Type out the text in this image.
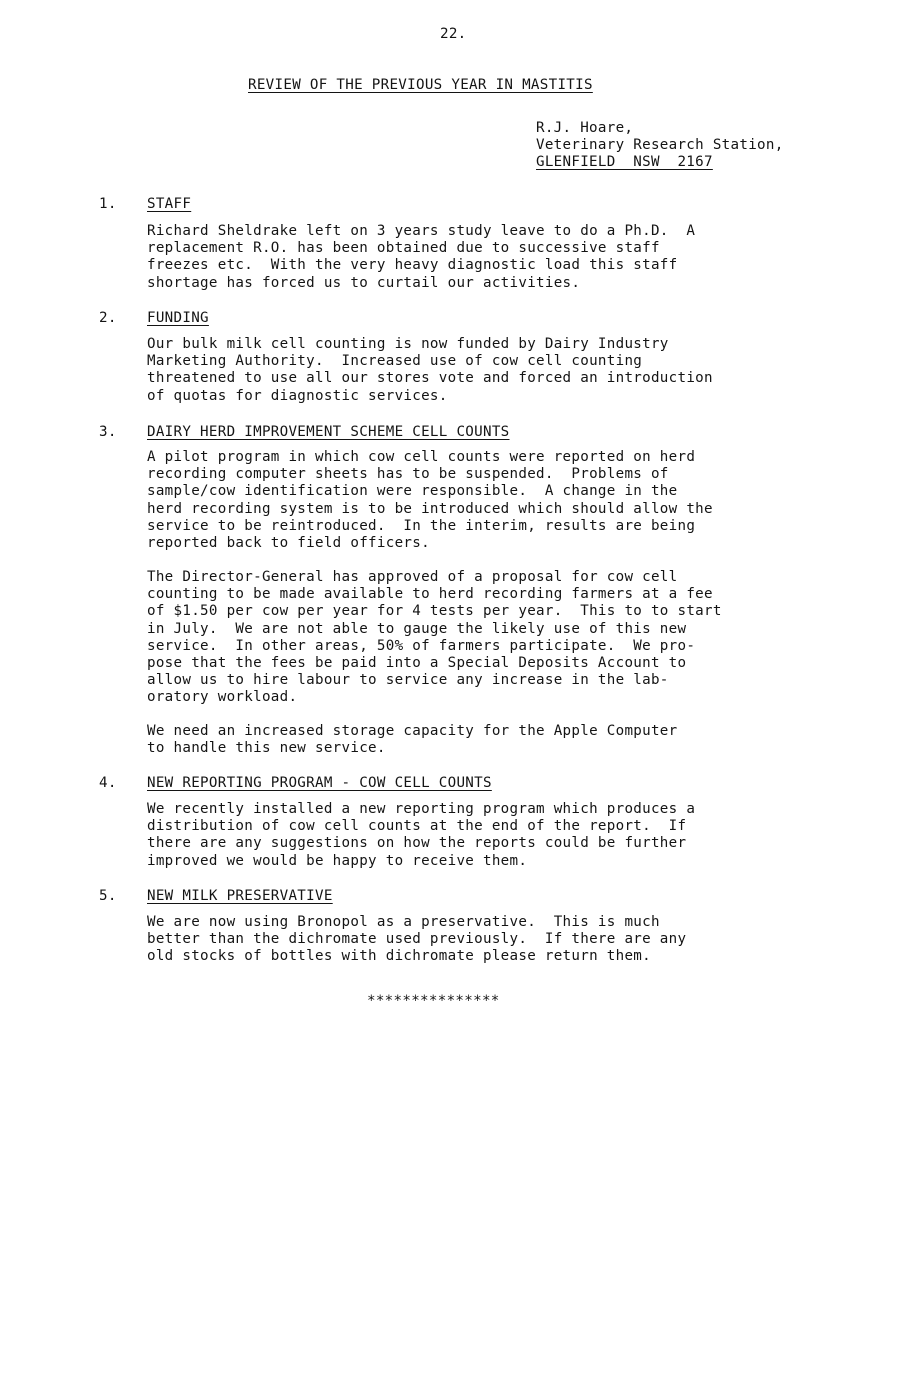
22.
REVIEW OF THE PREVIOUS YEAR IN MASTITIS
R.J. Hoare,
Veterinary Research Station,
GLENFIELD  NSW  2167
1.	STAFF
Richard Sheldrake left on 3 years study leave to do a Ph.D.  A
replacement R.O. has been obtained due to successive staff
freezes etc.  With the very heavy diagnostic load this staff
shortage has forced us to curtail our activities.
2.	FUNDING
Our bulk milk cell counting is now funded by Dairy Industry
Marketing Authority.  Increased use of cow cell counting
threatened to use all our stores vote and forced an introduction
of quotas for diagnostic services.
3.	DAIRY HERD IMPROVEMENT SCHEME CELL COUNTS
A pilot program in which cow cell counts were reported on herd
recording computer sheets has to be suspended.  Problems of
sample/cow identification were responsible.  A change in the
herd recording system is to be introduced which should allow the
service to be reintroduced.  In the interim, results are being
reported back to field officers.
The Director-General has approved of a proposal for cow cell
counting to be made available to herd recording farmers at a fee
of $1.50 per cow per year for 4 tests per year.  This to to start
in July.  We are not able to gauge the likely use of this new
service.  In other areas, 50% of farmers participate.  We pro-
pose that the fees be paid into a Special Deposits Account to
allow us to hire labour to service any increase in the lab-
oratory workload.
We need an increased storage capacity for the Apple Computer
to handle this new service.
4.	NEW REPORTING PROGRAM - COW CELL COUNTS
We recently installed a new reporting program which produces a
distribution of cow cell counts at the end of the report.  If
there are any suggestions on how the reports could be further
improved we would be happy to receive them.
5.	NEW MILK PRESERVATIVE
We are now using Bronopol as a preservative.  This is much
better than the dichromate used previously.  If there are any
old stocks of bottles with dichromate please return them.
***************
